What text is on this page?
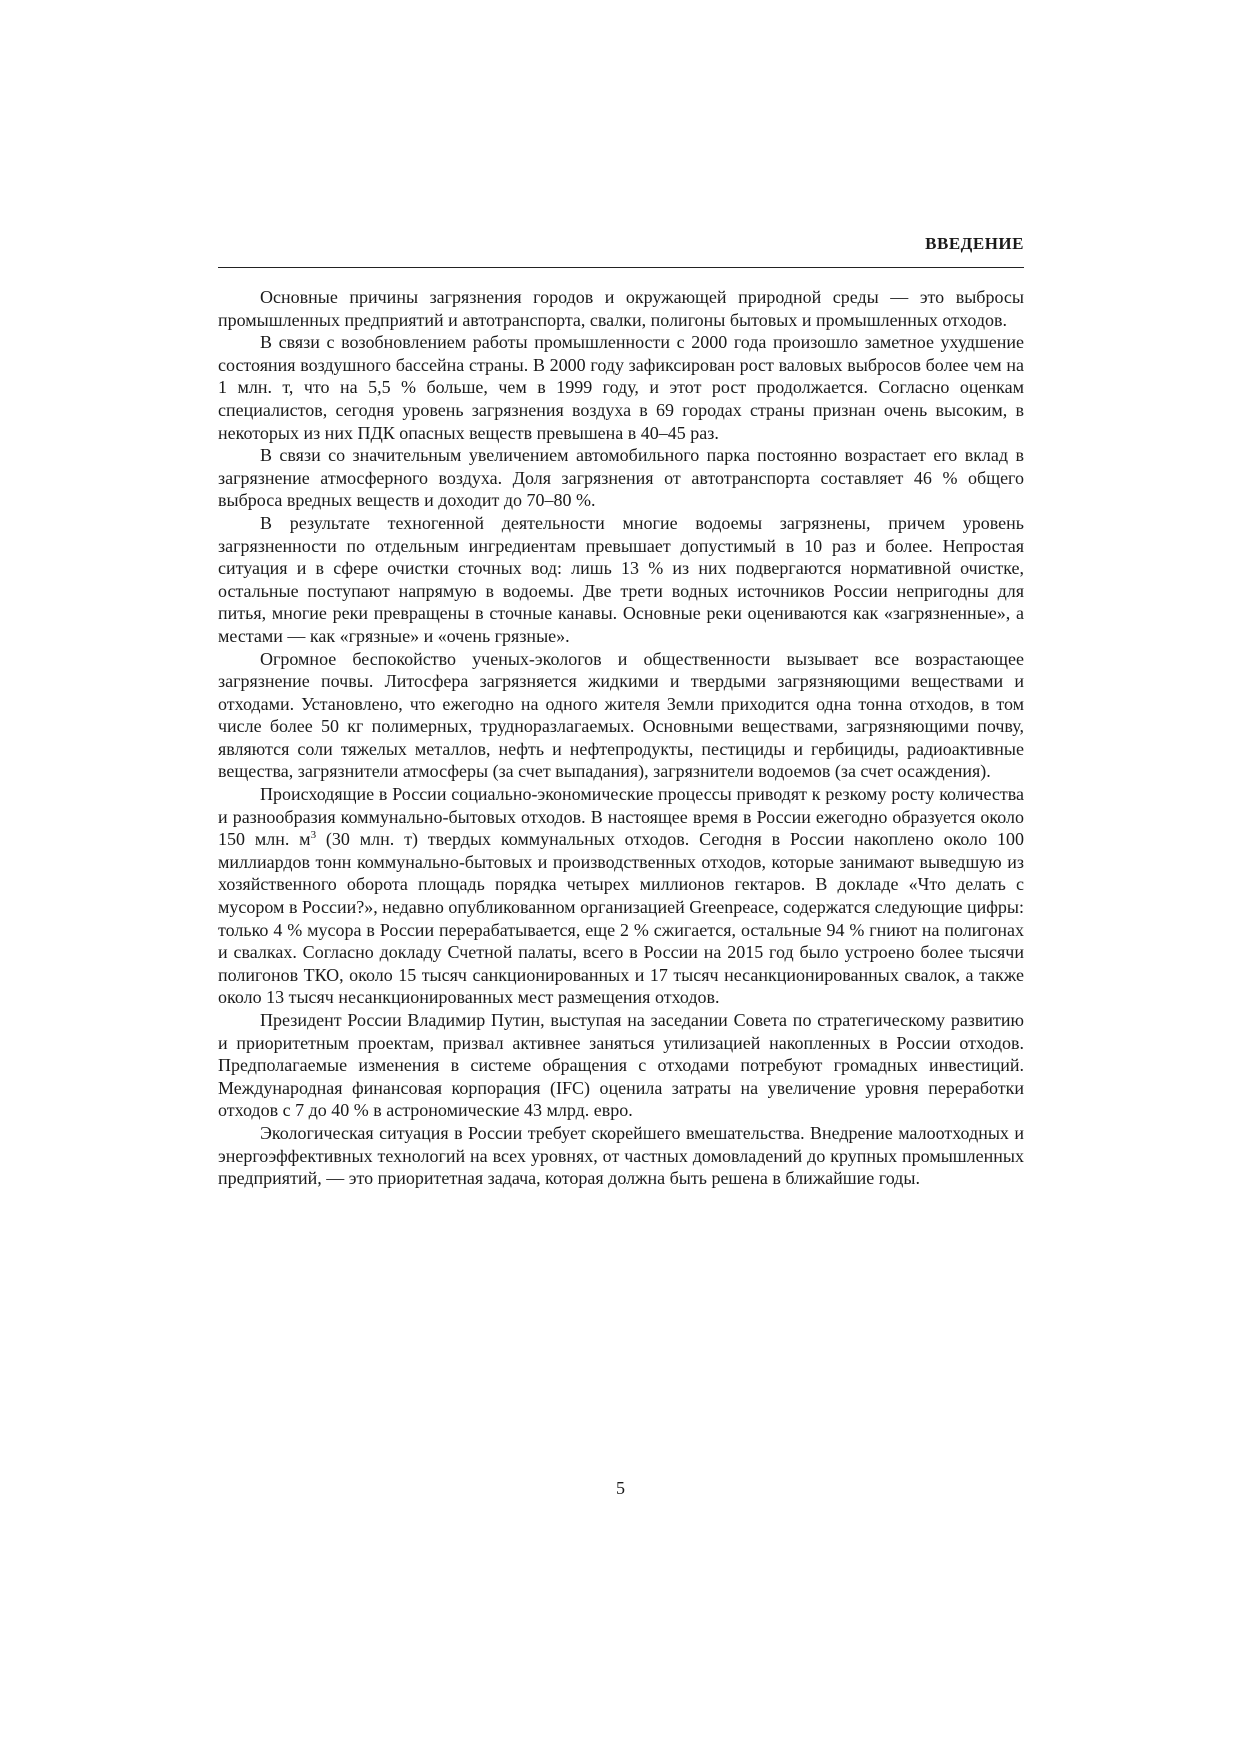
ВВЕДЕНИЕ

Основные причины загрязнения городов и окружающей природной среды — это выбросы промышленных предприятий и автотранспорта, свалки, полигоны бытовых и промышленных отходов.

В связи с возобновлением работы промышленности с 2000 года произошло заметное ухудшение состояния воздушного бассейна страны. В 2000 году зафиксирован рост валовых выбросов более чем на 1 млн. т, что на 5,5 % больше, чем в 1999 году, и этот рост продолжается. Согласно оценкам специалистов, сегодня уровень загрязнения воздуха в 69 городах страны признан очень высоким, в некоторых из них ПДК опасных веществ превышена в 40–45 раз.

В связи со значительным увеличением автомобильного парка постоянно возрастает его вклад в загрязнение атмосферного воздуха. Доля загрязнения от автотранспорта составляет 46 % общего выброса вредных веществ и доходит до 70–80 %.

В результате техногенной деятельности многие водоемы загрязнены, причем уровень загрязненности по отдельным ингредиентам превышает допустимый в 10 раз и более. Непростая ситуация и в сфере очистки сточных вод: лишь 13 % из них подвергаются нормативной очистке, остальные поступают напрямую в водоемы. Две трети водных источников России непригодны для питья, многие реки превращены в сточные канавы. Основные реки оцениваются как «загрязненные», а местами — как «грязные» и «очень грязные».

Огромное беспокойство ученых-экологов и общественности вызывает все возрастающее загрязнение почвы. Литосфера загрязняется жидкими и твердыми загрязняющими веществами и отходами. Установлено, что ежегодно на одного жителя Земли приходится одна тонна отходов, в том числе более 50 кг полимерных, трудноразлагаемых. Основными веществами, загрязняющими почву, являются соли тяжелых металлов, нефть и нефтепродукты, пестициды и гербициды, радиоактивные вещества, загрязнители атмосферы (за счет выпадания), загрязнители водоемов (за счет осаждения).

Происходящие в России социально-экономические процессы приводят к резкому росту количества и разнообразия коммунально-бытовых отходов. В настоящее время в России ежегодно образуется около 150 млн. $м^3$ (30 млн. т) твердых коммунальных отходов. Сегодня в России накоплено около 100 миллиардов тонн коммунально-бытовых и производственных отходов, которые занимают выведшую из хозяйственного оборота площадь порядка четырех миллионов гектаров. В докладе «Что делать с мусором в России?», недавно опубликованном организацией Greenpeace, содержатся следующие цифры: только 4 % мусора в России перерабатывается, еще 2 % сжигается, остальные 94 % гниют на полигонах и свалках. Согласно докладу Счетной палаты, всего в России на 2015 год было устроено более тысячи полигонов ТКО, около 15 тысяч санкционированных и 17 тысяч несанкционированных свалок, а также около 13 тысяч несанкционированных мест размещения отходов.

Президент России Владимир Путин, выступая на заседании Совета по стратегическому развитию и приоритетным проектам, призвал активнее заняться утилизацией накопленных в России отходов. Предполагаемые изменения в системе обращения с отходами потребуют громадных инвестиций. Международная финансовая корпорация (IFC) оценила затраты на увеличение уровня переработки отходов с 7 до 40 % в астрономические 43 млрд. евро.

Экологическая ситуация в России требует скорейшего вмешательства. Внедрение малоотходных и энергоэффективных технологий на всех уровнях, от частных домовладений до крупных промышленных предприятий, — это приоритетная задача, которая должна быть решена в ближайшие годы.

5
